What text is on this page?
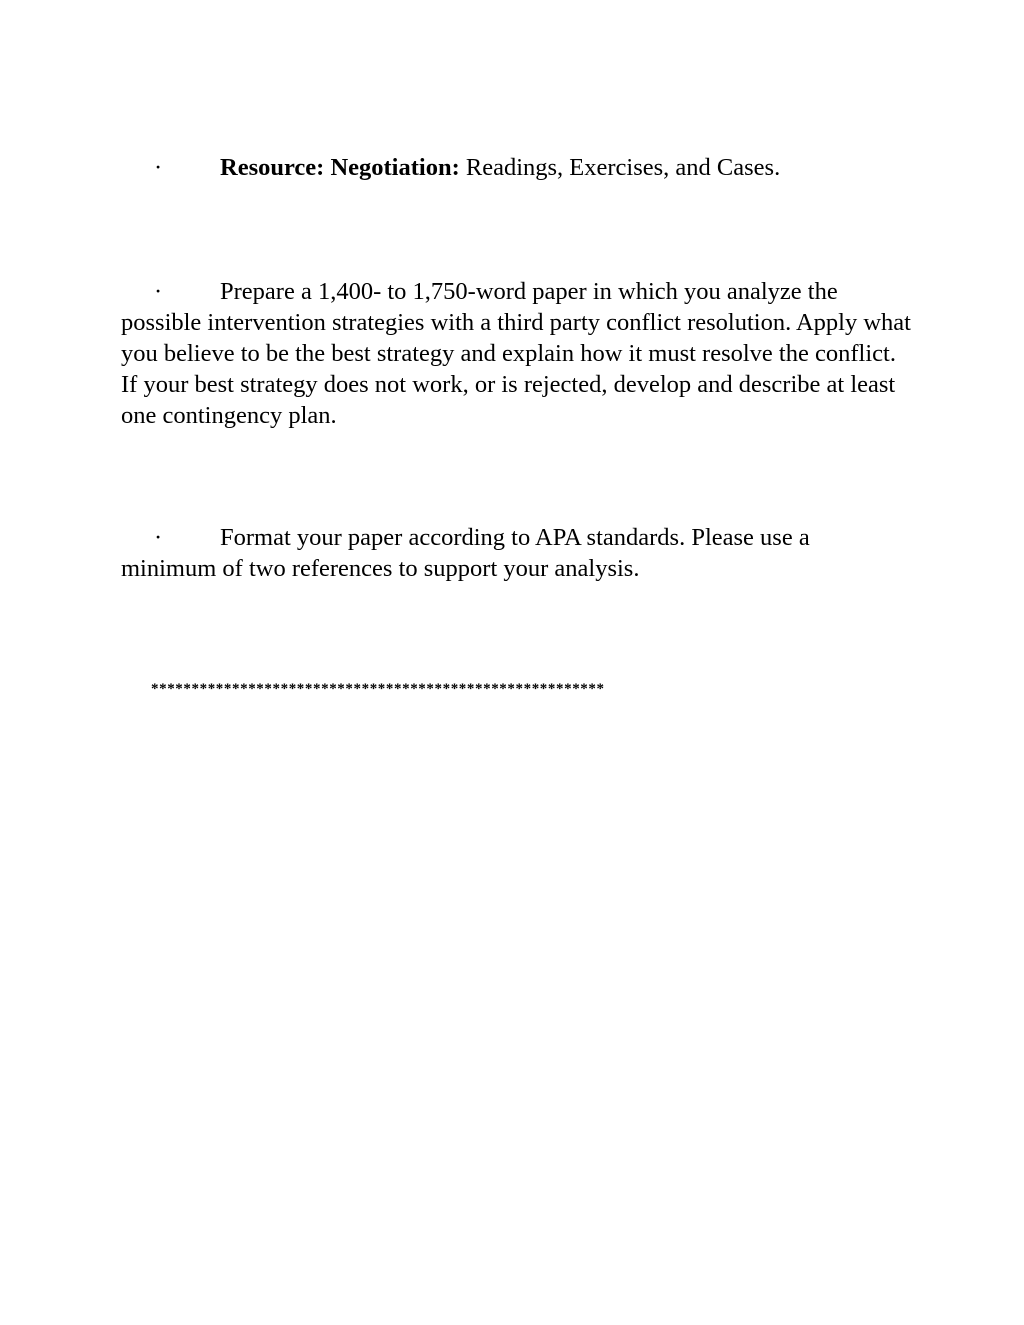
· Resource: Negotiation: Readings, Exercises, and Cases.

· Prepare a 1,400- to 1,750-word paper in which you analyze the possible intervention strategies with a third party conflict resolution. Apply what you believe to be the best strategy and explain how it must resolve the conflict. If your best strategy does not work, or is rejected, develop and describe at least one contingency plan.

· Format your paper according to APA standards. Please use a minimum of two references to support your analysis.

********************************************************
